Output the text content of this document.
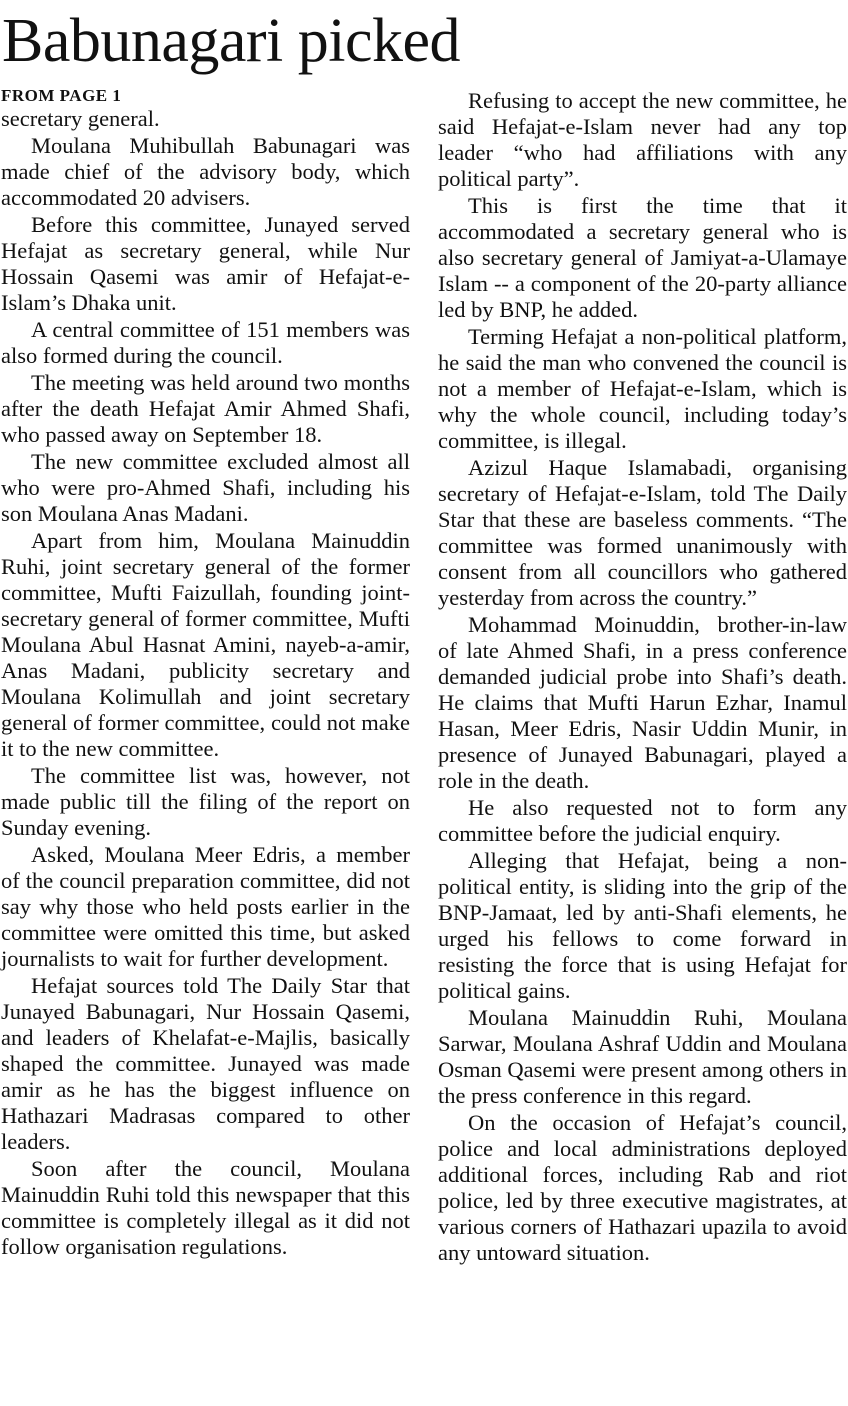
Babunagari picked
FROM PAGE 1

secretary general.

Moulana Muhibullah Babunagari was made chief of the advisory body, which accommodated 20 advisers.

Before this committee, Junayed served Hefajat as secretary general, while Nur Hossain Qasemi was amir of Hefajat-e-Islam’s Dhaka unit.

A central committee of 151 members was also formed during the council.

The meeting was held around two months after the death Hefajat Amir Ahmed Shafi, who passed away on September 18.

The new committee excluded almost all who were pro-Ahmed Shafi, including his son Moulana Anas Madani.

Apart from him, Moulana Mainuddin Ruhi, joint secretary general of the former committee, Mufti Faizullah, founding joint-secretary general of former committee, Mufti Moulana Abul Hasnat Amini, nayeb-a-amir, Anas Madani, publicity secretary and Moulana Kolimullah and joint secretary general of former committee, could not make it to the new committee.

The committee list was, however, not made public till the filing of the report on Sunday evening.

Asked, Moulana Meer Edris, a member of the council preparation committee, did not say why those who held posts earlier in the committee were omitted this time, but asked journalists to wait for further development.

Hefajat sources told The Daily Star that Junayed Babunagari, Nur Hossain Qasemi, and leaders of Khelafat-e-Majlis, basically shaped the committee. Junayed was made amir as he has the biggest influence on Hathazari Madrasas compared to other leaders.

Soon after the council, Moulana Mainuddin Ruhi told this newspaper that this committee is completely illegal as it did not follow organisation regulations.

Refusing to accept the new committee, he said Hefajat-e-Islam never had any top leader “who had affiliations with any political party”.

This is first the time that it accommodated a secretary general who is also secretary general of Jamiyat-a-Ulamaye Islam -- a component of the 20-party alliance led by BNP, he added.

Terming Hefajat a non-political platform, he said the man who convened the council is not a member of Hefajat-e-Islam, which is why the whole council, including today’s committee, is illegal.

Azizul Haque Islamabadi, organising secretary of Hefajat-e-Islam, told The Daily Star that these are baseless comments. “The committee was formed unanimously with consent from all councillors who gathered yesterday from across the country.”

Mohammad Moinuddin, brother-in-law of late Ahmed Shafi, in a press conference demanded judicial probe into Shafi’s death. He claims that Mufti Harun Ezhar, Inamul Hasan, Meer Edris, Nasir Uddin Munir, in presence of Junayed Babunagari, played a role in the death.

He also requested not to form any committee before the judicial enquiry.

Alleging that Hefajat, being a non-political entity, is sliding into the grip of the BNP-Jamaat, led by anti-Shafi elements, he urged his fellows to come forward in resisting the force that is using Hefajat for political gains.

Moulana Mainuddin Ruhi, Moulana Sarwar, Moulana Ashraf Uddin and Moulana Osman Qasemi were present among others in the press conference in this regard.

On the occasion of Hefajat’s council, police and local administrations deployed additional forces, including Rab and riot police, led by three executive magistrates, at various corners of Hathazari upazila to avoid any untoward situation.
